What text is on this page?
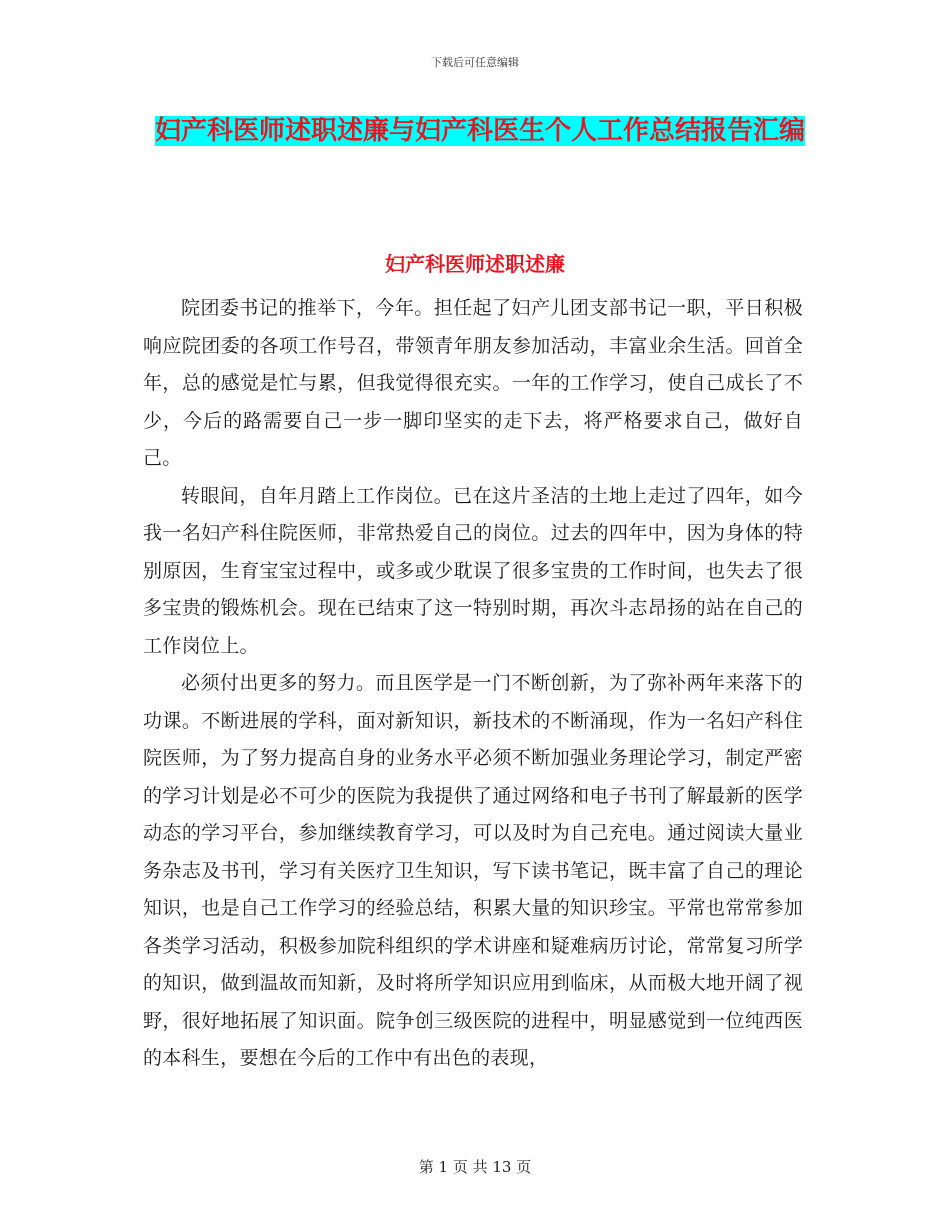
下载后可任意编辑
妇产科医师述职述廉与妇产科医生个人工作总结报告汇编
妇产科医师述职述廉

院团委书记的推举下，今年。担任起了妇产儿团支部书记一职，平日积极响应院团委的各项工作号召，带领青年朋友参加活动，丰富业余生活。回首全年，总的感觉是忙与累，但我觉得很充实。一年的工作学习，使自己成长了不少，今后的路需要自己一步一脚印坚实的走下去，将严格要求自己，做好自己。

转眼间，自年月踏上工作岗位。已在这片圣洁的土地上走过了四年，如今我一名妇产科住院医师，非常热爱自己的岗位。过去的四年中，因为身体的特别原因，生育宝宝过程中，或多或少耽误了很多宝贵的工作时间，也失去了很多宝贵的锻炼机会。现在已结束了这一特别时期，再次斗志昂扬的站在自己的工作岗位上。

必须付出更多的努力。而且医学是一门不断创新，为了弥补两年来落下的功课。不断进展的学科，面对新知识，新技术的不断涌现，作为一名妇产科住院医师，为了努力提高自身的业务水平必须不断加强业务理论学习，制定严密的学习计划是必不可少的医院为我提供了通过网络和电子书刊了解最新的医学动态的学习平台，参加继续教育学习，可以及时为自己充电。通过阅读大量业务杂志及书刊，学习有关医疗卫生知识，写下读书笔记，既丰富了自己的理论知识，也是自己工作学习的经验总结，积累大量的知识珍宝。平常也常常参加各类学习活动，积极参加院科组织的学术讲座和疑难病历讨论，常常复习所学的知识，做到温故而知新，及时将所学知识应用到临床，从而极大地开阔了视野，很好地拓展了知识面。院争创三级医院的进程中，明显感觉到一位纯西医的本科生，要想在今后的工作中有出色的表现，

第 1 页 共 13 页
